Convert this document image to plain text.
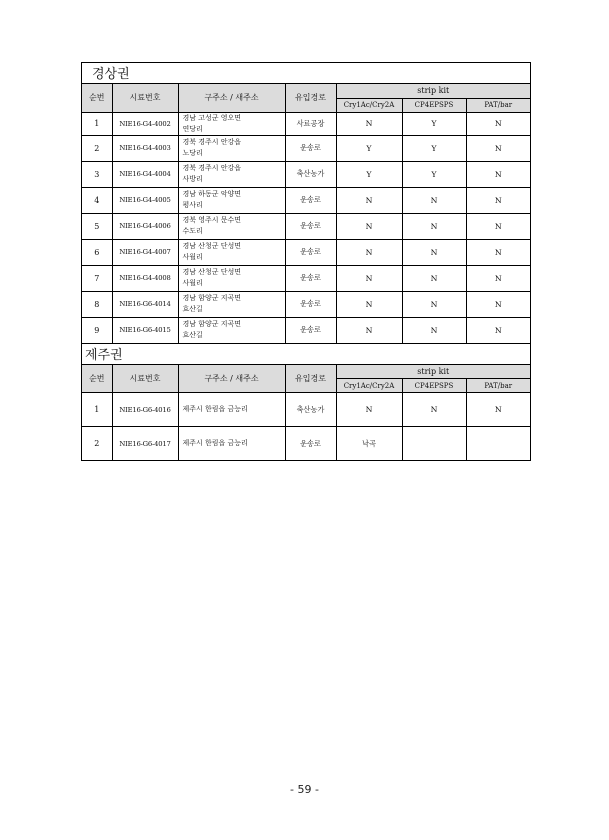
경상권
순번	시료번호	구주소 / 새주소	유입경로	strip kit		
				Cry1Ac/Cry2A	CP4EPSPS	PAT/bar
1	NIE16-G4-4002	경남 고성군 영오면
연당리	사료공장	N	Y	N
2	NIE16-G4-4003	경북 경주시 안강읍
노당리	운송로	Y	Y	N
3	NIE16-G4-4004	경북 경주시 안강읍
사방리	축산농가	Y	Y	N
4	NIE16-G4-4005	경남 하동군 악양면
평사리	운송로	N	N	N
5	NIE16-G4-4006	경북 영주시 문수면
수도리	운송로	N	N	N
6	NIE16-G4-4007	경남 산청군 단성면
사월리	운송로	N	N	N
7	NIE16-G4-4008	경남 산청군 단성면
사월리	운송로	N	N	N
8	NIE16-G6-4014	경남 함양군 지곡면
효산길	운송로	N	N	N
9	NIE16-G6-4015	경남 함양군 지곡면
효산길	운송로	N	N	N
제주권
순번	시료번호	구주소 / 새주소	유입경로	strip kit		
				Cry1Ac/Cry2A	CP4EPSPS	PAT/bar
1	NIE16-G6-4016	제주시 한림읍 금능리	축산농가	N	N	N
2	NIE16-G6-4017	제주시 한림읍 금능리	운송로	낙곡		
- 59 -
